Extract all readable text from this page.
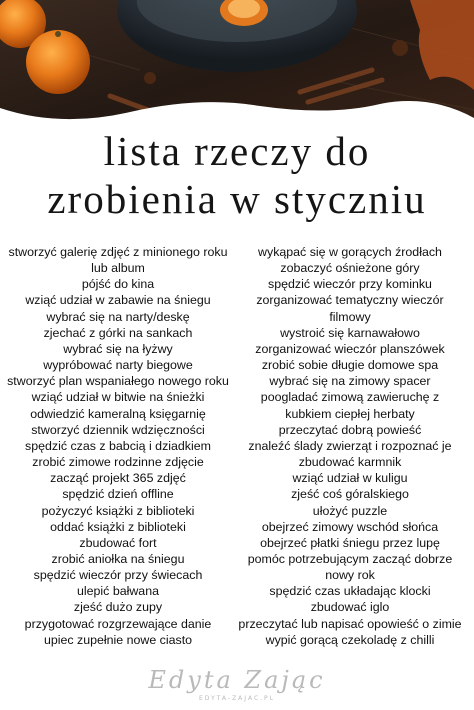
lista rzeczy do
zrobienia w styczniu
stworzyć galerię zdjęć z minionego roku
lub album
pójść do kina
wziąć udział w zabawie na śniegu
wybrać się na narty/deskę
zjechać z górki na sankach
wybrać się na łyżwy
wypróbować narty biegowe
stworzyć plan wspaniałego nowego roku
wziąć udział w bitwie na śnieżki
odwiedzić kameralną księgarnię
stworzyć dziennik wdzięczności
spędzić czas z babcią i dziadkiem
zrobić zimowe rodzinne zdjęcie
zacząć projekt 365 zdjęć
spędzić dzień offline
pożyczyć książki z biblioteki
oddać książki z biblioteki
zbudować fort
zrobić aniołka na śniegu
spędzić wieczór przy świecach
ulepić bałwana
zjeść dużo zupy
przygotować rozgrzewające danie
upiec zupełnie nowe ciasto
wykąpać się w gorących źrodłach
zobaczyć ośnieżone góry
spędzić wieczór przy kominku
zorganizować tematyczny wieczór
filmowy
wystroić się karnawałowo
zorganizować wieczór planszówek
zrobić sobie długie domowe spa
wybrać się na zimowy spacer
poogladać zimową zawieruchę z
kubkiem ciepłej herbaty
przeczytać dobrą powieść
znaleźć ślady zwierząt i rozpoznać je
zbudować karmnik
wziąć udział w kuligu
zjeść coś góralskiego
ułożyć puzzle
obejrzeć zimowy wschód słońca
obejrzeć płatki śniegu przez lupę
pomóc potrzebującym zacząć dobrze
nowy rok
spędzić czas układając klocki
zbudować iglo
przeczytać lub napisać opowieść o zimie
wypić gorącą czekoladę z chilli
Edyta Zając
EDYTA-ZAJAC.PL
